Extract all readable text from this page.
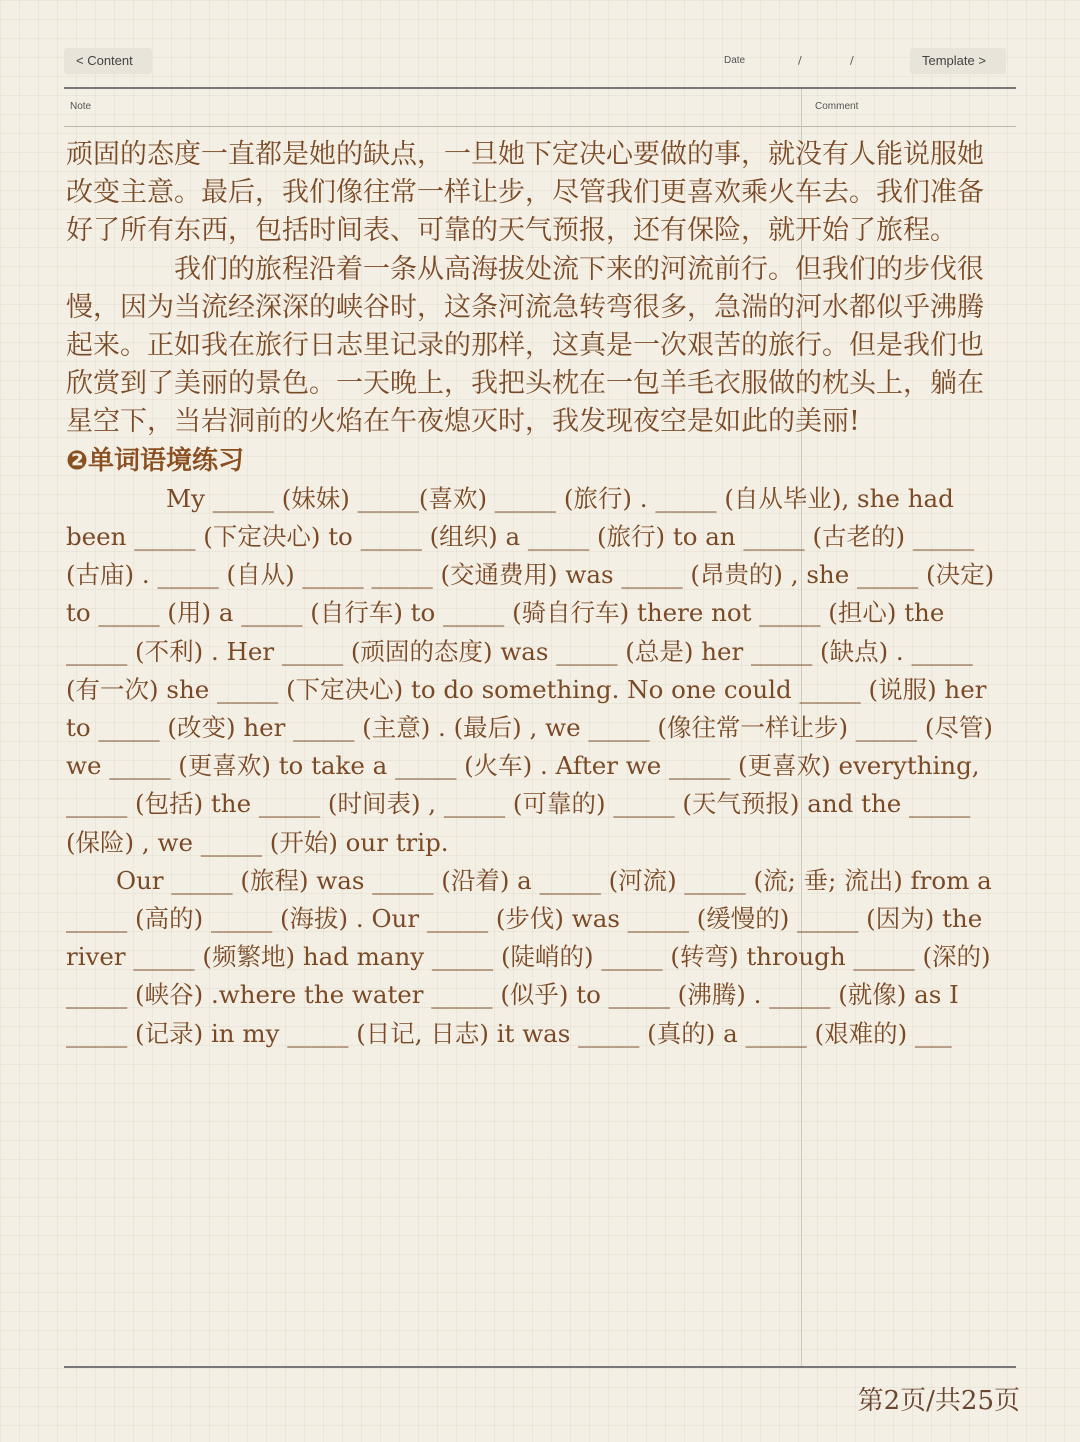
< Content	Date	/	/	Template >
Note	Comment

顽固的态度一直都是她的缺点，一旦她下定决心要做的事，就没有人能说服她改变主意。最后，我们像往常一样让步，尽管我们更喜欢乘火车去。我们准备好了所有东西，包括时间表、可靠的天气预报，还有保险，就开始了旅程。

我们的旅程沿着一条从高海拔处流下来的河流前行。但我们的步伐很慢，因为当流经深深的峡谷时，这条河流急转弯很多，急湍的河水都似乎沸腾起来。正如我在旅行日志里记录的那样，这真是一次艰苦的旅行。但是我们也欣赏到了美丽的景色。一天晚上，我把头枕在一包羊毛衣服做的枕头上，躺在星空下，当岩洞前的火焰在午夜熄灭时，我发现夜空是如此的美丽!

❷单词语境练习

My _____ (妹妹) _____(喜欢) _____ (旅行) . _____ (自从毕业), she had been _____ (下定决心) to _____ (组织) a _____ (旅行) to an _____ (古老的) _____ (古庙) . _____ (自从) _____ _____ (交通费用) was _____ (昂贵的) , she _____ (决定) to _____ (用) a _____ (自行车) to _____ (骑自行车) there not _____ (担心) the _____ (不利) . Her _____ (顽固的态度) was _____ (总是) her _____ (缺点) . _____ (有一次) she _____ (下定决心) to do something. No one could _____ (说服) her to _____ (改变) her _____ (主意) . (最后) , we _____ (像往常一样让步) _____ (尽管) we _____ (更喜欢) to take a _____ (火车) . After we _____ (更喜欢) everything, _____ (包括) the _____ (时间表) , _____ (可靠的) _____ (天气预报) and the _____ (保险) , we _____ (开始) our trip.

Our _____ (旅程) was _____ (沿着) a _____ (河流) _____ (流; 垂; 流出) from a _____ (高的) _____ (海拔) . Our _____ (步伐) was _____ (缓慢的) _____ (因为) the river _____ (频繁地) had many _____ (陡峭的) _____ (转弯) through _____ (深的) _____ (峡谷) .where the water _____ (似乎) to _____ (沸腾) . _____ (就像) as I _____ (记录) in my _____ (日记, 日志) it was _____ (真的) a _____ (艰难的) ___

第2页/共25页
